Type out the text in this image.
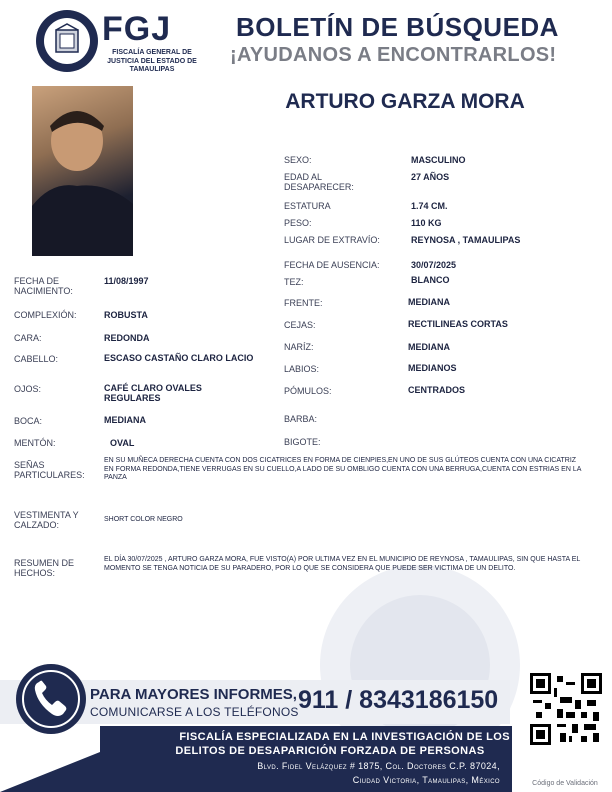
FGJ
FISCALÍA GENERAL DE JUSTICIA DEL ESTADO DE TAMAULIPAS
BOLETÍN DE BÚSQUEDA
¡AYUDANOS A ENCONTRARLOS!
ARTURO GARZA MORA
SEXO:	MASCULINO
EDAD AL DESAPARECER:
27 AÑOS
ESTATURA	1.74 CM.
PESO:	110 KG
LUGAR DE EXTRAVÍO:	REYNOSA , TAMAULIPAS
FECHA DE AUSENCIA:	30/07/2025
TEZ:	BLANCO
FRENTE:	MEDIANA
CEJAS:	RECTILINEAS CORTAS
NARÍZ:	MEDIANA
LABIOS:	MEDIANOS
PÓMULOS:	CENTRADOS
BARBA:
BIGOTE:
FECHA DE NACIMIENTO:
11/08/1997
COMPLEXIÓN:	ROBUSTA
CARA:	REDONDA
CABELLO:	ESCASO CASTAÑO CLARO LACIO
OJOS:	CAFÉ CLARO OVALES REGULARES
BOCA:	MEDIANA
MENTÓN:	OVAL
SEÑAS PARTICULARES:
EN SU MUÑECA DERECHA CUENTA CON DOS CICATRICES EN FORMA DE CIENPIES,EN UNO DE SUS GLÚTEOS CUENTA CON UNA CICATRIZ EN FORMA REDONDA,TIENE VERRUGAS EN SU CUELLO,A LADO DE SU OMBLIGO CUENTA CON UNA BERRUGA,CUENTA CON ESTRIAS EN LA PANZA
VESTIMENTA Y CALZADO:
SHORT COLOR NEGRO
RESUMEN DE HECHOS:
EL DÍA 30/07/2025 , ARTURO GARZA MORA, FUE VISTO(A) POR ULTIMA VEZ EN EL MUNICIPIO DE REYNOSA , TAMAULIPAS, SIN QUE HASTA EL MOMENTO SE TENGA NOTICIA DE SU PARADERO, POR LO QUE SE CONSIDERA QUE PUEDE SER VICTIMA DE UN DELITO.
PARA MAYORES INFORMES,
COMUNICARSE A LOS TELÉFONOS 911 / 8343186150
FISCALÍA ESPECIALIZADA EN LA INVESTIGACIÓN DE LOS
DELITOS DE DESAPARICIÓN FORZADA DE PERSONAS
Blvd. Fidel Velázquez # 1875, Col. Doctores C.P. 87024,
Ciudad Victoria, Tamaulipas, México	Código de Validación
